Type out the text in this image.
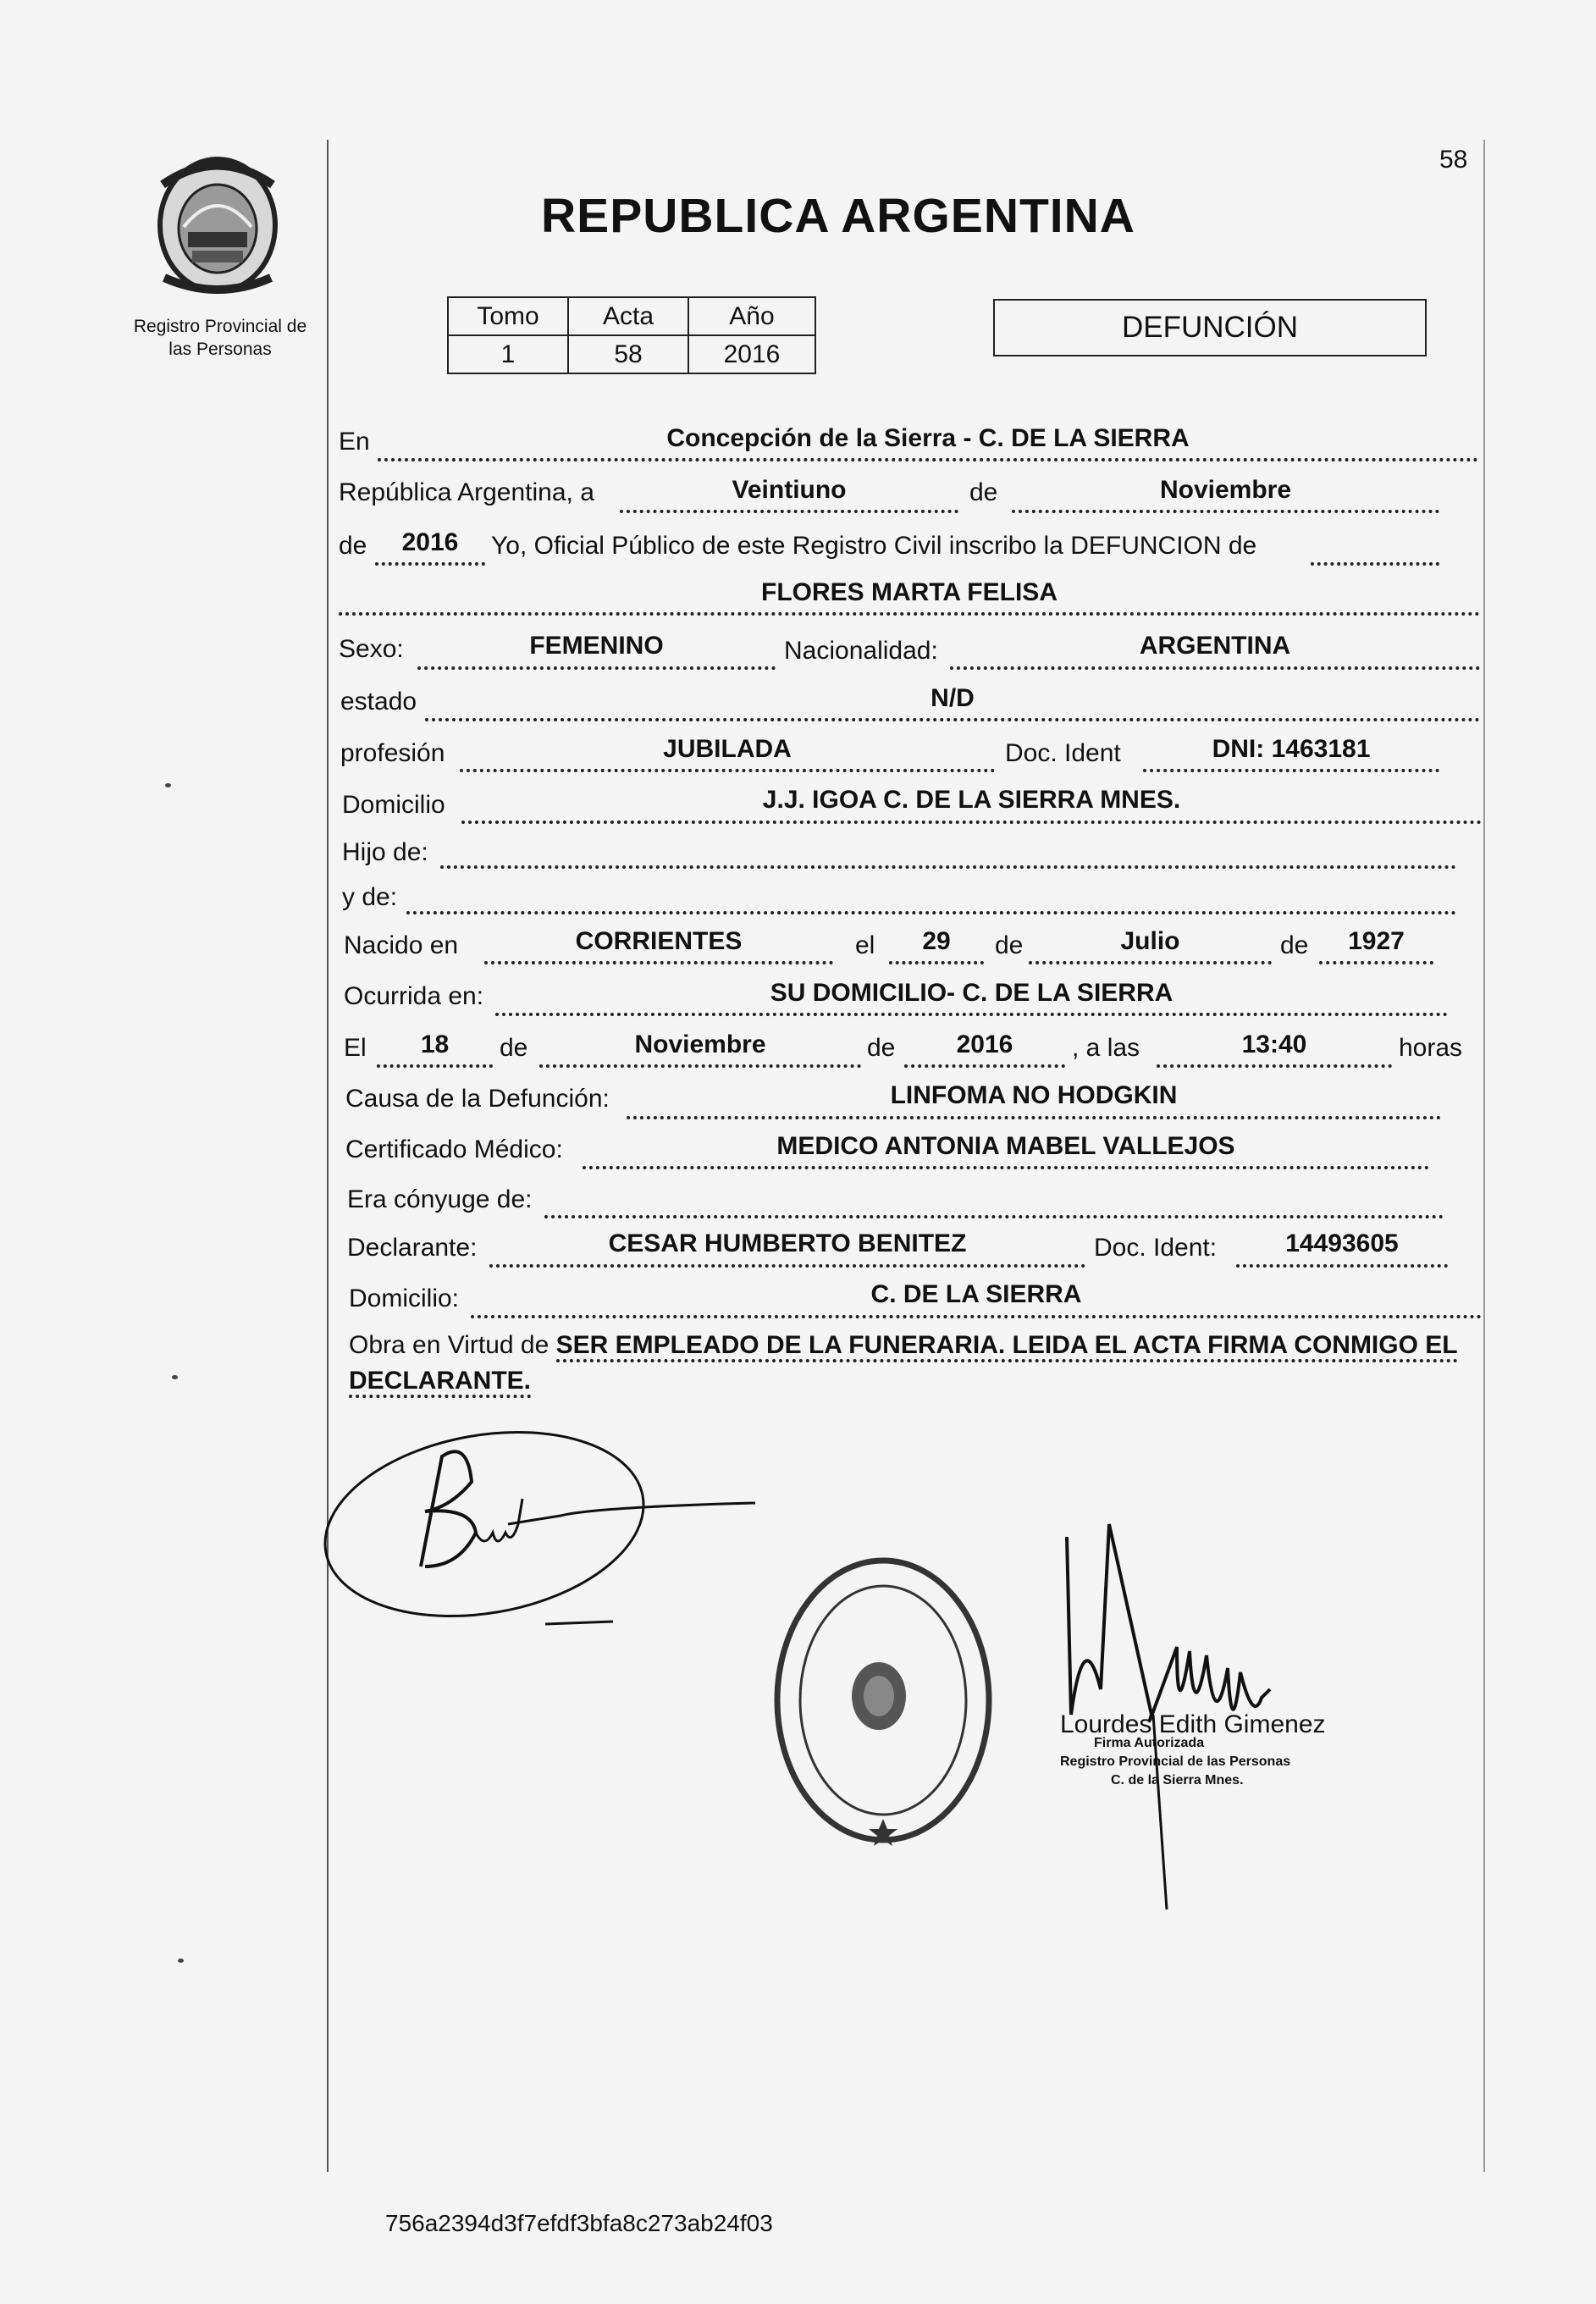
Registro Provincial de
las Personas
58
REPUBLICA ARGENTINA
Tomo	Acta	Año
1	58	2016
DEFUNCIÓN
En	Concepción de la Sierra - C. DE LA SIERRA
República Argentina, a	Veintiuno	de	Noviembre
de	2016	Yo, Oficial Público de este Registro Civil inscribo la DEFUNCION de
FLORES MARTA FELISA
Sexo:	FEMENINO	Nacionalidad:	ARGENTINA
estado	N/D
profesión	JUBILADA	Doc. Ident	DNI: 1463181
Domicilio	J.J. IGOA C. DE LA SIERRA MNES.
Hijo de:
y de:
Nacido en	CORRIENTES	el	29	de	Julio	de	1927
Ocurrida en:	SU DOMICILIO- C. DE LA SIERRA
El	18	de	Noviembre	de	2016	, a las	13:40	horas
Causa de la Defunción:	LINFOMA NO HODGKIN
Certificado Médico:	MEDICO ANTONIA MABEL VALLEJOS
Era cónyuge de:
Declarante:	CESAR HUMBERTO BENITEZ	Doc. Ident:	14493605
Domicilio:	C. DE LA SIERRA
Obra en Virtud de SER EMPLEADO DE LA FUNERARIA. LEIDA EL ACTA FIRMA CONMIGO EL DECLARANTE.
Lourdes Edith Gimenez
Firma Autorizada
Registro Provincial de las Personas
C. de la Sierra Mnes.
756a2394d3f7efdf3bfa8c273ab24f03
